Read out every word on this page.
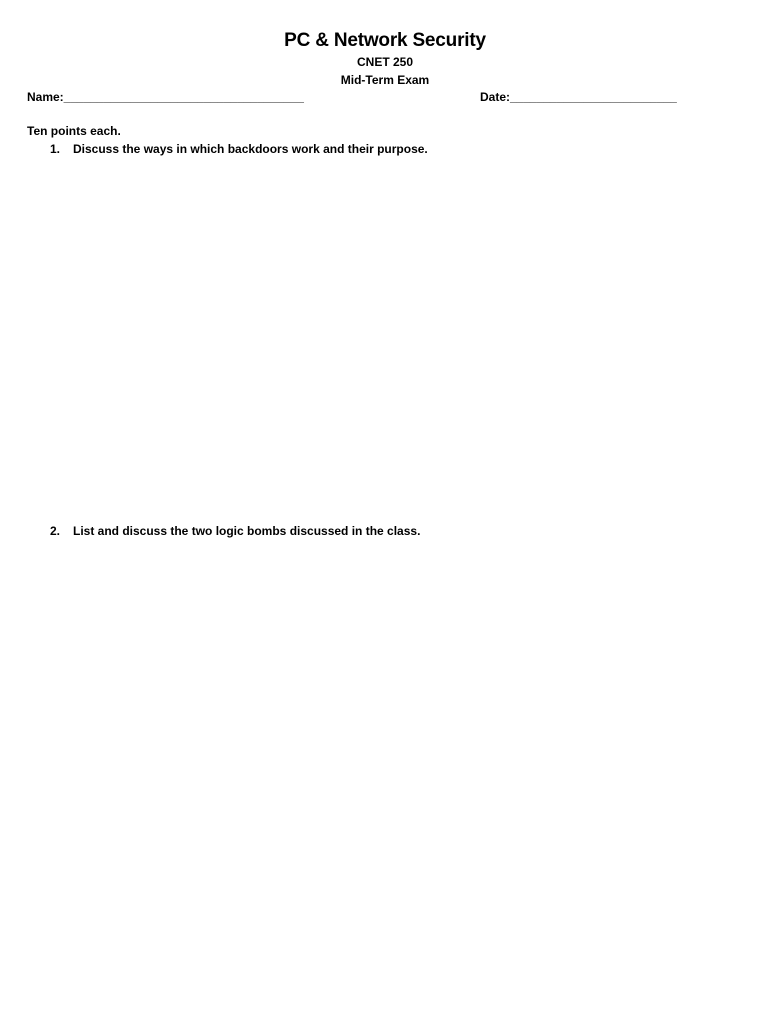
PC & Network Security
CNET 250
Mid-Term Exam
Name:____________________________________	Date:_________________________
Ten points each.
1. Discuss the ways in which backdoors work and their purpose.
2. List and discuss the two logic bombs discussed in the class.
